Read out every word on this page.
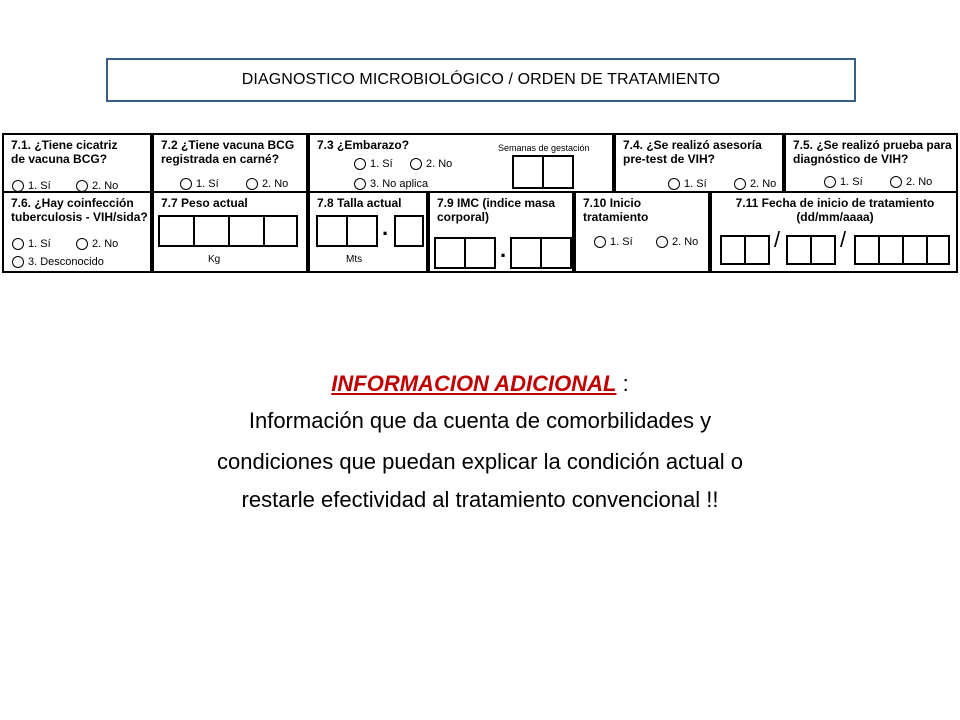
DIAGNOSTICO MICROBIOLÓGICO / ORDEN DE TRATAMIENTO
7.1. ¿Tiene cicatriz
de vacuna BCG?
1. Sí	2. No
7.2 ¿Tiene vacuna BCG
registrada en carné?
1. Sí	2. No
7.3 ¿Embarazo?
1. Sí	2. No
3. No aplica
Semanas de gestación	7.4. ¿Se realizó asesoría
pre-test de VIH?
1. Sí	2. No
7.5. ¿Se realizó prueba para
diagnóstico de VIH?
1. Sí	2. No
7.6. ¿Hay coinfección
tuberculosis - VIH/sida?
1. Sí	2. No
3. Desconocido
7.7 Peso actual
Kg
7.8 Talla actual
.
Mts
7.9 IMC (indice masa
corporal)
.
7.10 Inicio tratamiento
1. Sí	2. No
7.11 Fecha de inicio de tratamiento
(dd/mm/aaaa)
/	/
INFORMACION ADICIONAL :
Información que da cuenta de comorbilidades y
condiciones que puedan explicar la condición actual o
restarle efectividad al tratamiento convencional !!
